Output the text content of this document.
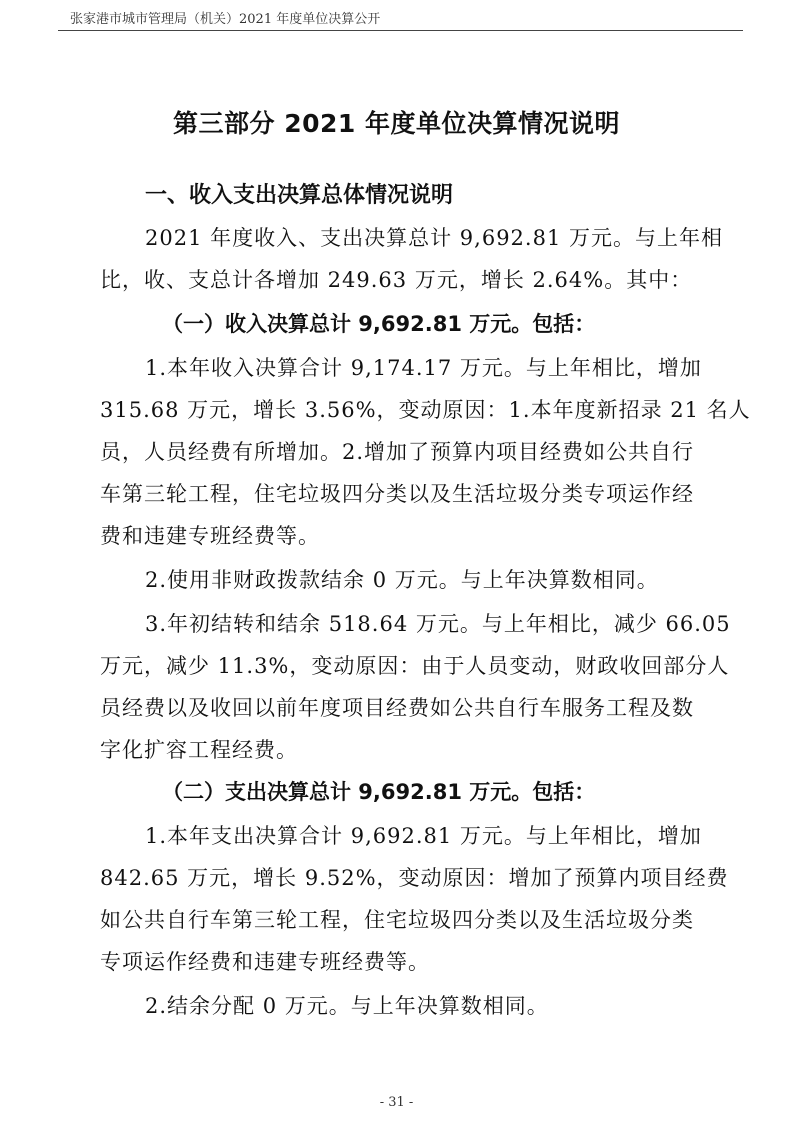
张家港市城市管理局（机关）2021 年度单位决算公开
第三部分 2021 年度单位决算情况说明
一、收入支出决算总体情况说明
2021 年度收入、支出决算总计 9,692.81 万元。与上年相
比，收、支总计各增加 249.63 万元，增长 2.64%。其中：
（一）收入决算总计 9,692.81 万元。包括：
1.本年收入决算合计 9,174.17 万元。与上年相比，增加
315.68 万元，增长 3.56%，变动原因：1.本年度新招录 21 名人
员，人员经费有所增加。2.增加了预算内项目经费如公共自行
车第三轮工程，住宅垃圾四分类以及生活垃圾分类专项运作经
费和违建专班经费等。
2.使用非财政拨款结余 0 万元。与上年决算数相同。
3.年初结转和结余 518.64 万元。与上年相比，减少 66.05
万元，减少 11.3%，变动原因：由于人员变动，财政收回部分人
员经费以及收回以前年度项目经费如公共自行车服务工程及数
字化扩容工程经费。
（二）支出决算总计 9,692.81 万元。包括：
1.本年支出决算合计 9,692.81 万元。与上年相比，增加
842.65 万元，增长 9.52%，变动原因：增加了预算内项目经费
如公共自行车第三轮工程，住宅垃圾四分类以及生活垃圾分类
专项运作经费和违建专班经费等。
2.结余分配 0 万元。与上年决算数相同。
- 31 -
